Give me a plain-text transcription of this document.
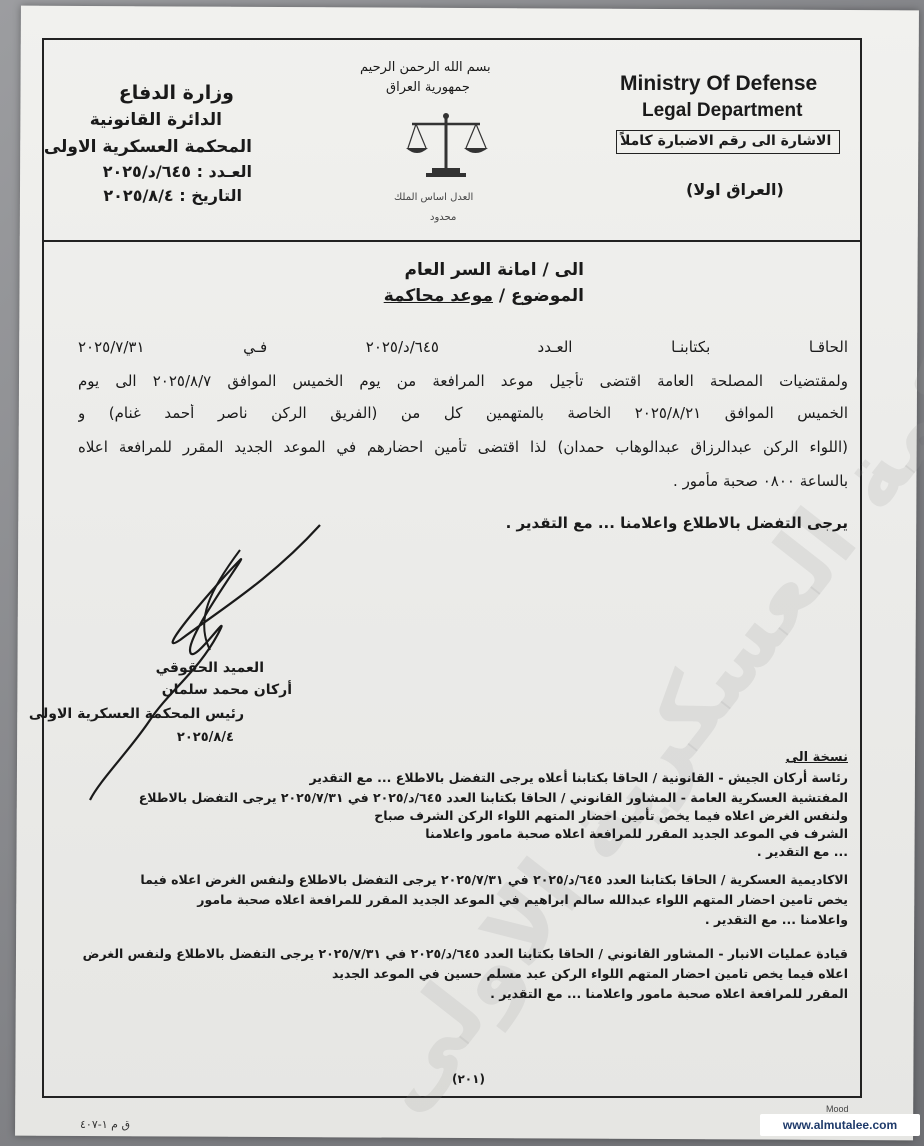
العسكرية الاولى
وزارة الدفاع
الدائرة القانونية
المحكمة العسكرية الاولى
العـدد : ٦٤٥/د/٢٠٢٥
التاريخ : ٢٠٢٥/٨/٤
بسم الله الرحمن الرحيم
جمهورية العراق
العدل اساس الملك
محدود
Ministry Of Defense
Legal Department
الاشارة الى رقم الاضبارة كاملاً
(العراق اولا)
الى / امانة السر العام
الموضوع / موعد محاكمة
الحاقـا بكتابنـا العـدد ٦٤٥/د/٢٠٢٥ فـي ٢٠٢٥/٧/٣١
ولمقتضيات المصلحة العامة اقتضى تأجيل موعد المرافعة من يوم الخميس الموافق ٢٠٢٥/٨/٧ الى يوم
الخميس الموافق ٢٠٢٥/٨/٢١ الخاصة بالمتهمين كل من (الفريق الركن ناصر أحمد غنام) و
(اللواء الركن عبدالرزاق عبدالوهاب حمدان) لذا اقتضى تأمين احضارهم في الموعد الجديد المقرر للمرافعة اعلاه
بالساعة ٠٨٠٠ صحبة مأمور .
يرجى التفضل بالاطلاع واعلامنا ... مع التقدير .
العميد الحقوقي
أركان محمد سلمان
رئيس المحكمة العسكرية الاولى
٢٠٢٥/٨/٤
نسخة الى
رئاسة أركان الجيش - القانونية / الحاقا بكتابنا أعلاه يرجى التفضل بالاطلاع ... مع التقدير
المفتشية العسكرية العامة - المشاور القانوني / الحاقا بكتابنا العدد ٦٤٥/د/٢٠٢٥ في ٢٠٢٥/٧/٣١ يرجى التفضل بالاطلاع
ولنفس الغرض اعلاه فيما يخص تأمين احضار المتهم اللواء الركن الشرف صباح
الشرف في الموعد الجديد المقرر للمرافعة اعلاه صحبة مامور واعلامنا
... مع التقدير .
الاكاديمية العسكرية / الحاقا بكتابنا العدد ٦٤٥/د/٢٠٢٥ في ٢٠٢٥/٧/٣١ يرجى التفضل بالاطلاع ولنفس الغرض اعلاه فيما
يخص تامين احضار المتهم اللواء عبدالله سالم ابراهيم في الموعد الجديد المقرر للمرافعة اعلاه صحبة مامور
واعلامنا ... مع التقدير .
قيادة عمليات الانبار - المشاور القانوني / الحاقا بكتابنا العدد ٦٤٥/د/٢٠٢٥ في ٢٠٢٥/٧/٣١ يرجى التفضل بالاطلاع ولنفس الغرض
اعلاه فيما يخص تامين احضار المتهم اللواء الركن عبد مسلم حسين في الموعد الجديد
المقرر للمرافعة اعلاه صحبة مامور واعلامنا ... مع التقدير .
(٢٠١)
ق م ١-٤٠٧
Mood
www.almutalee.com
